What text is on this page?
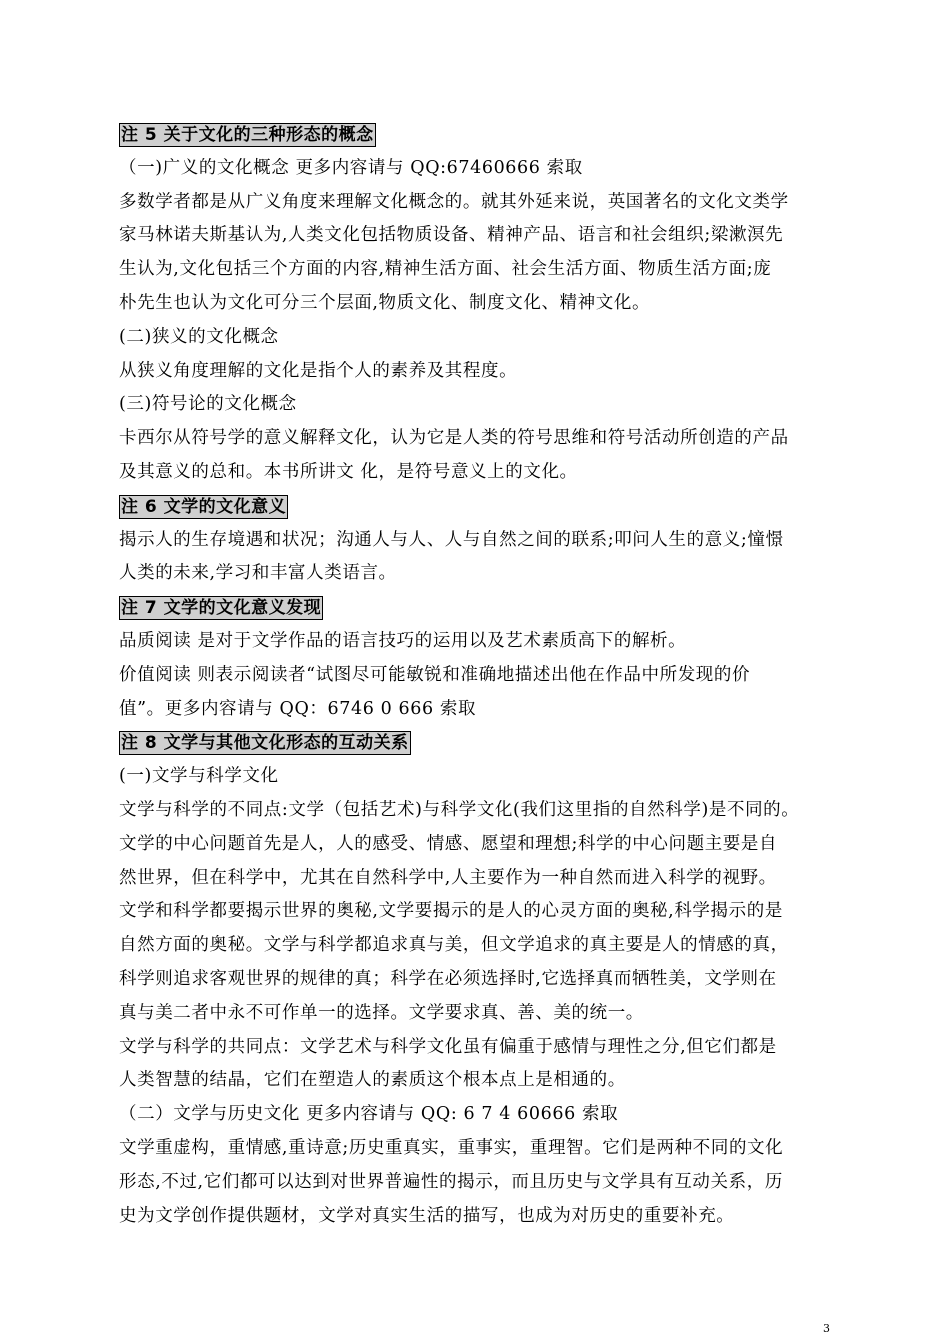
注 5 关于文化的三种形态的概念
（一)广义的文化概念 更多内容请与 QQ:67460666 索取
多数学者都是从广义角度来理解文化概念的。就其外延来说，英国著名的文化文类学
家马林诺夫斯基认为,人类文化包括物质设备、精神产品、语言和社会组织;梁漱溟先
生认为,文化包括三个方面的内容,精神生活方面、社会生活方面、物质生活方面;庞
朴先生也认为文化可分三个层面,物质文化、制度文化、精神文化。
(二)狭义的文化概念
从狭义角度理解的文化是指个人的素养及其程度。
(三)符号论的文化概念
卡西尔从符号学的意义解释文化，认为它是人类的符号思维和符号活动所创造的产品
及其意义的总和。本书所讲文 化，是符号意义上的文化。
注 6 文学的文化意义
揭示人的生存境遇和状况；沟通人与人、人与自然之间的联系;叩问人生的意义;憧憬
人类的未来,学习和丰富人类语言。
注 7 文学的文化意义发现
品质阅读 是对于文学作品的语言技巧的运用以及艺术素质高下的解析。
价值阅读 则表示阅读者“试图尽可能敏锐和准确地描述出他在作品中所发现的价
值”。更多内容请与 QQ：6746 0 666 索取
注 8 文学与其他文化形态的互动关系
(一)文学与科学文化
文学与科学的不同点:文学（包括艺术)与科学文化(我们这里指的自然科学)是不同的。
文学的中心问题首先是人，人的感受、情感、愿望和理想;科学的中心问题主要是自
然世界，但在科学中，尤其在自然科学中,人主要作为一种自然而进入科学的视野。
文学和科学都要揭示世界的奥秘,文学要揭示的是人的心灵方面的奥秘,科学揭示的是
自然方面的奥秘。文学与科学都追求真与美，但文学追求的真主要是人的情感的真，
科学则追求客观世界的规律的真；科学在必须选择时,它选择真而牺牲美，文学则在
真与美二者中永不可作单一的选择。文学要求真、善、美的统一。
文学与科学的共同点：文学艺术与科学文化虽有偏重于感情与理性之分,但它们都是
人类智慧的结晶，它们在塑造人的素质这个根本点上是相通的。
（二）文学与历史文化 更多内容请与 QQ: 6 7 4 60666 索取
文学重虚构，重情感,重诗意;历史重真实，重事实，重理智。它们是两种不同的文化
形态,不过,它们都可以达到对世界普遍性的揭示，而且历史与文学具有互动关系，历
史为文学创作提供题材，文学对真实生活的描写，也成为对历史的重要补充。
3
